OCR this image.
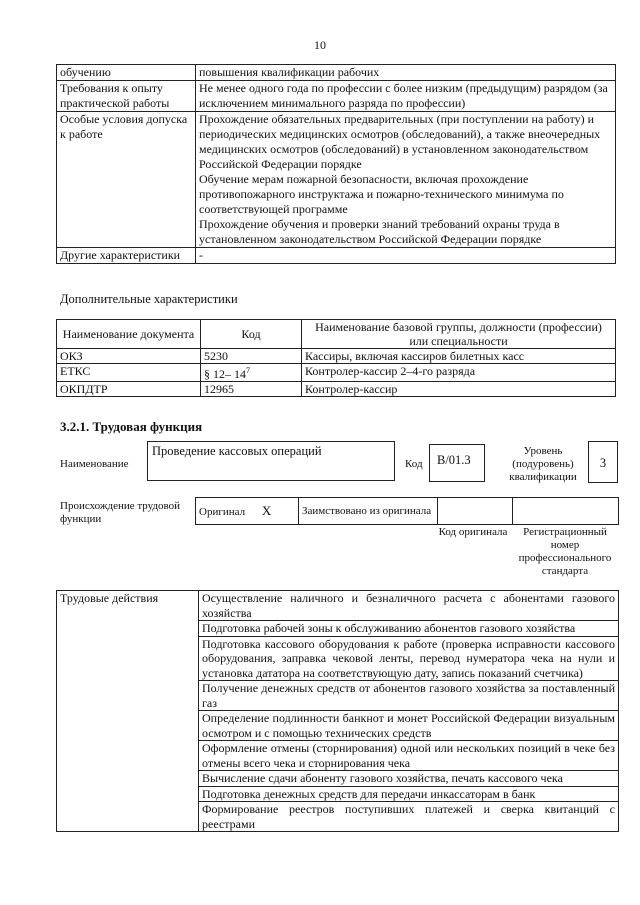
10
обучению	повышения квалификации рабочих
Требования к опыту практической работы	Не менее одного года по профессии с более низким (предыдущим) разрядом (за исключением минимального разряда по профессии)
Особые условия допуска к работе	Прохождение обязательных предварительных (при поступлении на работу) и периодических медицинских осмотров (обследований), а также внеочередных медицинских осмотров (обследований) в установленном законодательством Российской Федерации порядке
Обучение мерам пожарной безопасности, включая прохождение противопожарного инструктажа и пожарно-технического минимума по соответствующей программе
Прохождение обучения и проверки знаний требований охраны труда в установленном законодательством Российской Федерации порядке

Другие характеристики	-
Дополнительные характеристики
Наименование документа	Код	Наименование базовой группы, должности (профессии) или специальности
ОКЗ	5230	Кассиры, включая кассиров билетных касс
ЕТКС	§ 12– $14^7$	Контролер-кассир 2–4-го разряда
ОКПДТР	12965	Контролер-кассир
3.2.1. Трудовая функция
Наименование
Проведение кассовых операций
Код	B/01.3
Уровень (подуровень) квалификации
3
Происхождение трудовой функции
Оригинал X	Заимствовано из оригинала		
Код оригинала	Регистрационный номер профессионального стандарта
Трудовые действия	Осуществление наличного и безналичного расчета с абонентами газового хозяйства
Подготовка рабочей зоны к обслуживанию абонентов газового хозяйства
Подготовка кассового оборудования к работе (проверка исправности кассового оборудования, заправка чековой ленты, перевод нумератора чека на нули и установка дататора на соответствующую дату, запись показаний счетчика)
Получение денежных средств от абонентов газового хозяйства за поставленный газ
Определение подлинности банкнот и монет Российской Федерации визуальным осмотром и с помощью технических средств
Оформление отмены (сторнирования) одной или нескольких позиций в чеке без отмены всего чека и сторнирования чека
Вычисление сдачи абоненту газового хозяйства, печать кассового чека
Подготовка денежных средств для передачи инкассаторам в банк
Формирование реестров поступивших платежей и сверка квитанций с реестрами
